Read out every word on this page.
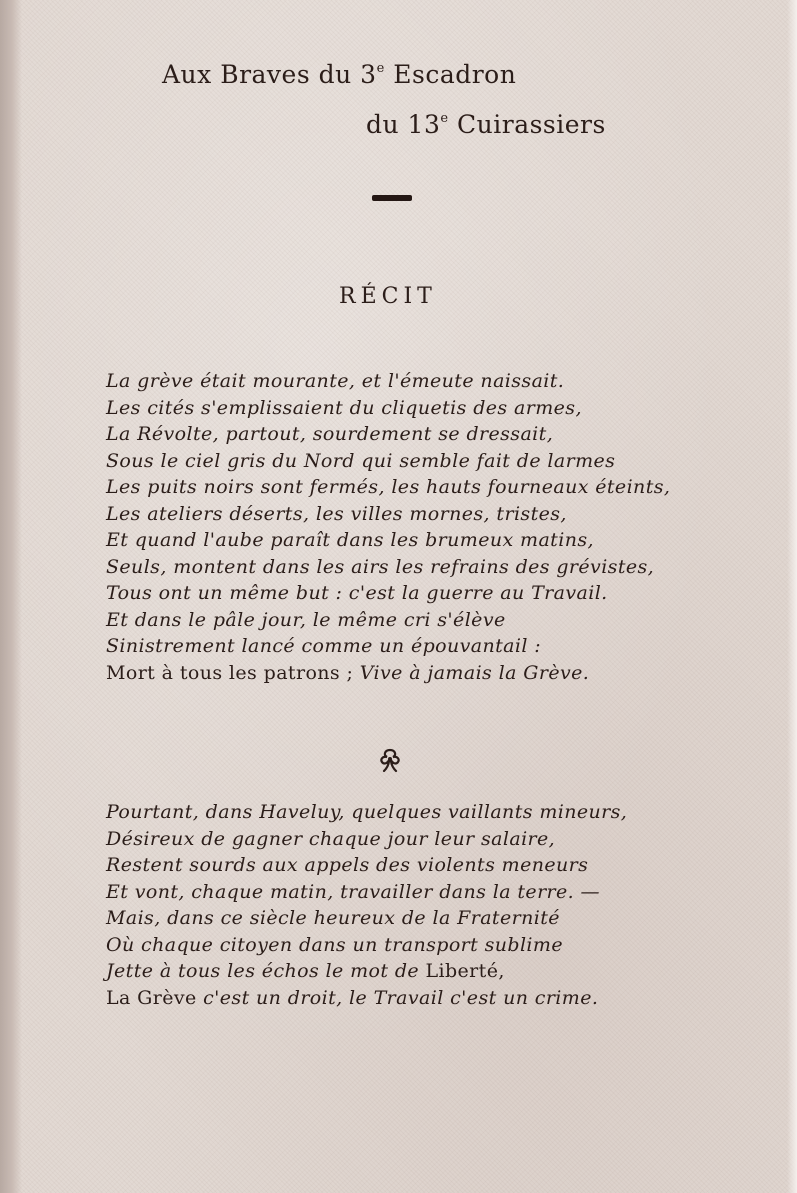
Aux Braves du 3e Escadron
du 13e Cuirassiers
RÉCIT
La grève était mourante, et l'émeute naissait.
Les cités s'emplissaient du cliquetis des armes,
La Révolte, partout, sourdement se dressait,
Sous le ciel gris du Nord qui semble fait de larmes
Les puits noirs sont fermés, les hauts fourneaux éteints,
Les ateliers déserts, les villes mornes, tristes,
Et quand l'aube paraît dans les brumeux matins,
Seuls, montent dans les airs les refrains des grévistes,
Tous ont un même but : c'est la guerre au Travail.
Et dans le pâle jour, le même cri s'élève
Sinistrement lancé comme un épouvantail :
Mort à tous les patrons ; Vive à jamais la Grève.
Pourtant, dans Haveluy, quelques vaillants mineurs,
Désireux de gagner chaque jour leur salaire,
Restent sourds aux appels des violents meneurs
Et vont, chaque matin, travailler dans la terre. —
Mais, dans ce siècle heureux de la Fraternité
Où chaque citoyen dans un transport sublime
Jette à tous les échos le mot de Liberté,
La Grève c'est un droit, le Travail c'est un crime.
